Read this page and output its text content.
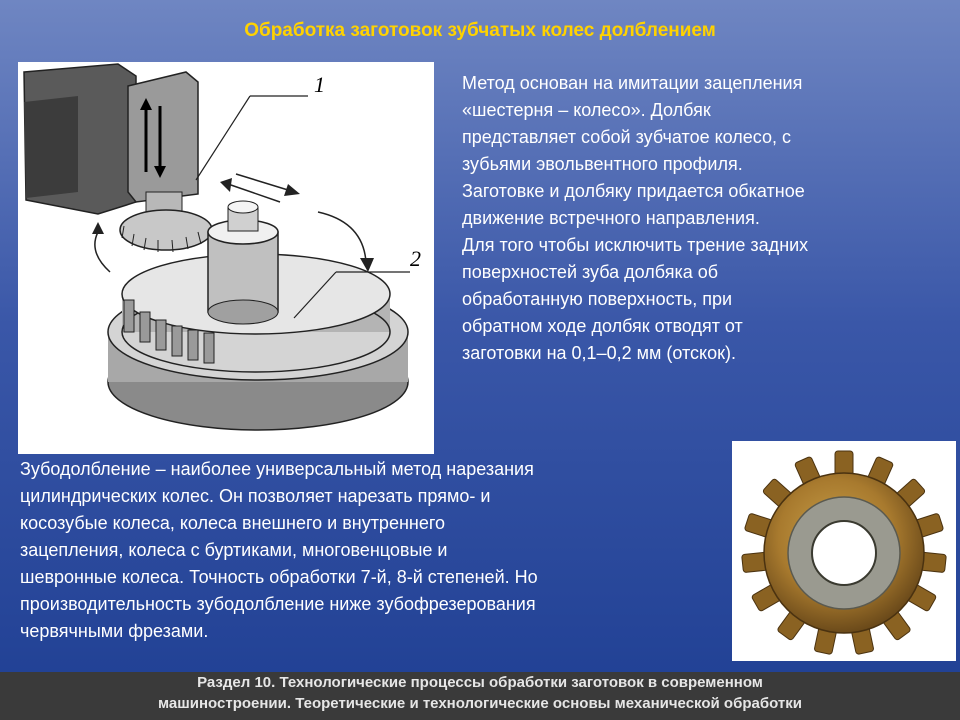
Обработка заготовок зубчатых колес долблением
1
2

Метод основан на имитации зацепления

«шестерня – колесо». Долбяк

представляет собой зубчатое колесо, с

зубьями эвольвентного профиля.

Заготовке и долбяку придается обкатное

движение встречного направления.

Для того чтобы исключить трение задних

поверхностей зуба долбяка об

обработанную поверхность, при

обратном ходе долбяк отводят от

заготовки на 0,1–0,2 мм (отскок).

Зубодолбление – наиболее универсальный метод нарезания
цилиндрических колес. Он позволяет нарезать прямо- и
косозубые колеса, колеса внешнего и внутреннего
зацепления, колеса с буртиками, многовенцовые и
шевронные колеса. Точность обработки 7-й, 8-й степеней. Но
производительность зубодолбление ниже зубофрезерования
червячными фрезами.
Раздел 10. Технологические процессы обработки заготовок в современном
машиностроении. Теоретические и технологические основы механической обработки
